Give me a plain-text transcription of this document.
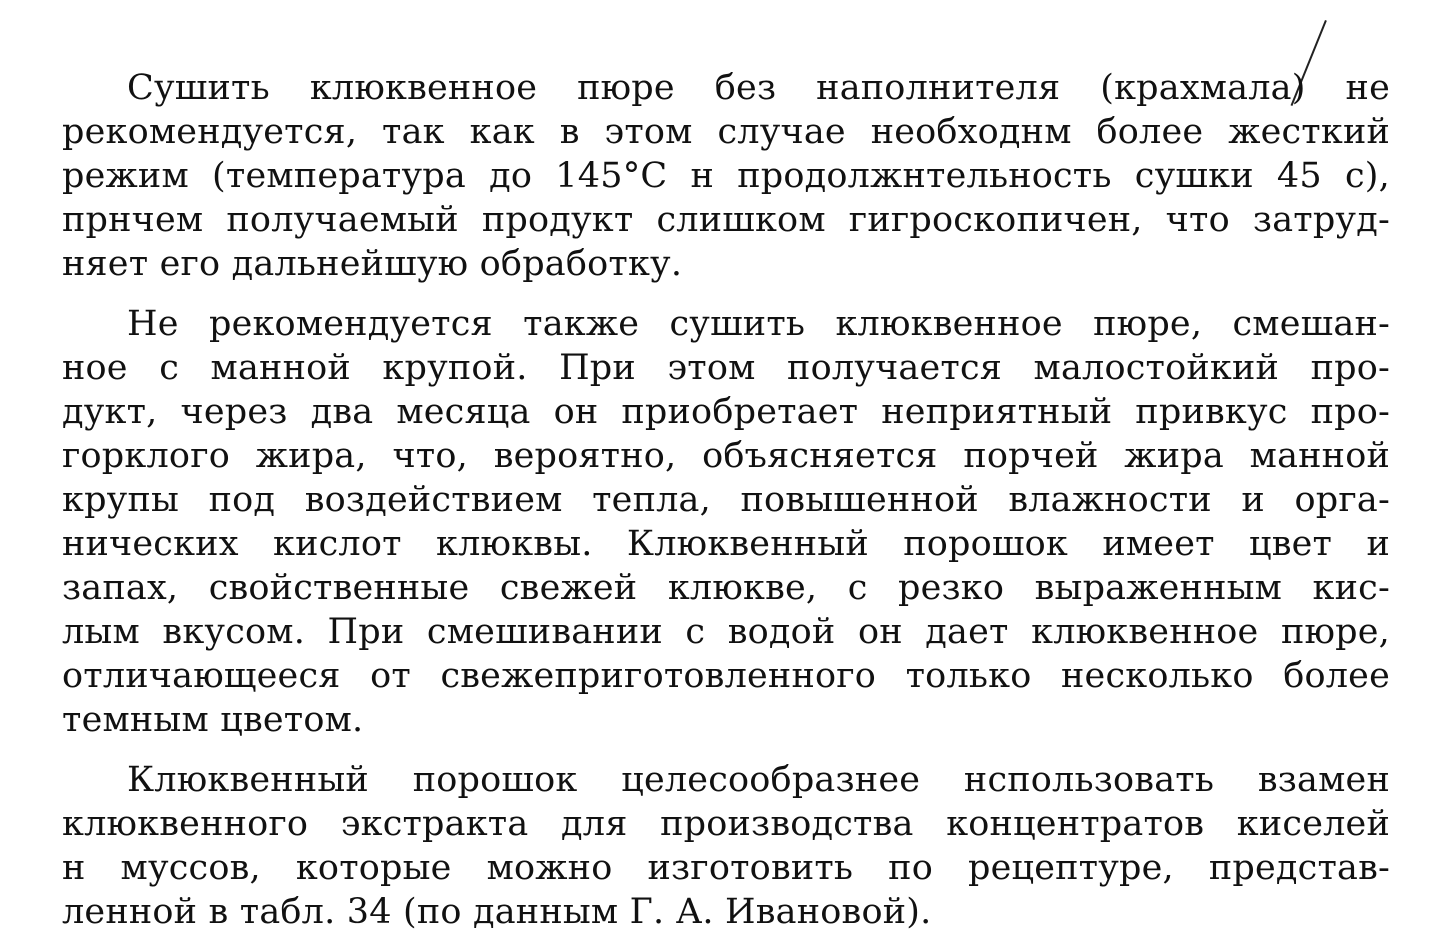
Сушить клюквенное пюре без наполнителя (крахмала) не
рекомендуется, так как в этом случае необходнм более жесткий
режим (температура до 145°С н продолжнтельность сушки 45 с),
прнчем получаемый продукт слишком гигроскопичен, что затруд-
няет его дальнейшую обработку.

Не рекомендуется также сушить клюквенное пюре, смешан-
ное с манной крупой. При этом получается малостойкий про-
дукт, через два месяца он приобретает неприятный привкус про-
горклого жира, что, вероятно, объясняется порчей жира манной
крупы под воздействием тепла, повышенной влажности и орга-
нических кислот клюквы. Клюквенный порошок имеет цвет и
запах, свойственные свежей клюкве, с резко выраженным кис-
лым вкусом. При смешивании с водой он дает клюквенное пюре,
отличающееся от свежеприготовленного только несколько более
темным цветом.

Клюквенный порошок целесообразнее нспользовать взамен
клюквенного экстракта для производства концентратов киселей
н муссов, которые можно изготовить по рецептуре, представ-
ленной в табл. 34 (по данным Г. А. Ивановой).
